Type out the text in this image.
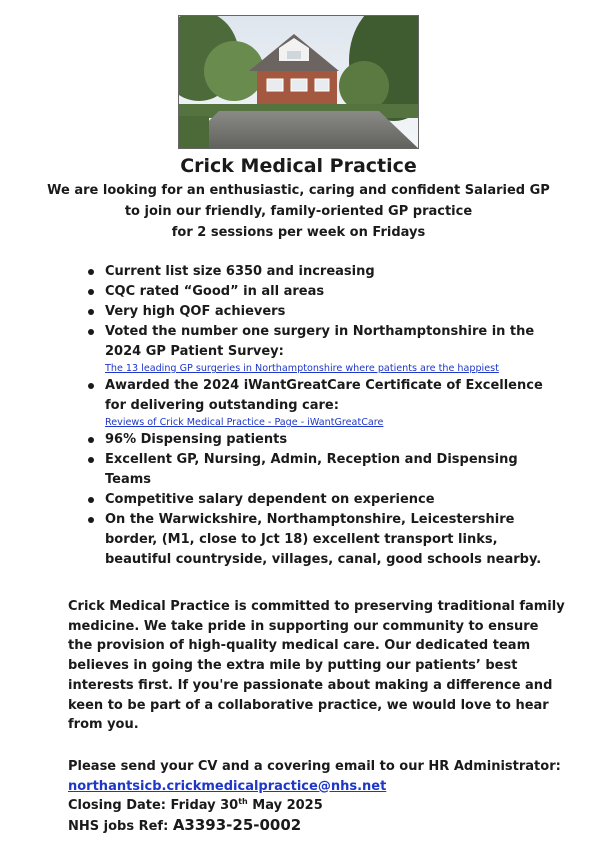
Crick Medical Practice
We are looking for an enthusiastic, caring and confident Salaried GP
to join our friendly, family-oriented GP practice
for 2 sessions per week on Fridays
Current list size 6350 and increasing
CQC rated “Good” in all areas
Very high QOF achievers
Voted the number one surgery in Northamptonshire in the
2024 GP Patient Survey:
The 13 leading GP surgeries in Northamptonshire where patients are the happiest
Awarded the 2024 iWantGreatCare Certificate of Excellence
for delivering outstanding care:
Reviews of Crick Medical Practice - Page - iWantGreatCare
96% Dispensing patients
Excellent GP, Nursing, Admin, Reception and Dispensing
Teams
Competitive salary dependent on experience
On the Warwickshire, Northamptonshire, Leicestershire
border, (M1, close to Jct 18) excellent transport links,
beautiful countryside, villages, canal, good schools nearby.
Crick Medical Practice is committed to preserving traditional family
medicine. We take pride in supporting our community to ensure
the provision of high-quality medical care. Our dedicated team
believes in going the extra mile by putting our patients’ best
interests first. If you're passionate about making a difference and
keen to be part of a collaborative practice, we would love to hear
from you.
Please send your CV and a covering email to our HR Administrator:
northantsicb.crickmedicalpractice@nhs.net
Closing Date: Friday 30th May 2025
NHS jobs Ref: A3393-25-0002
